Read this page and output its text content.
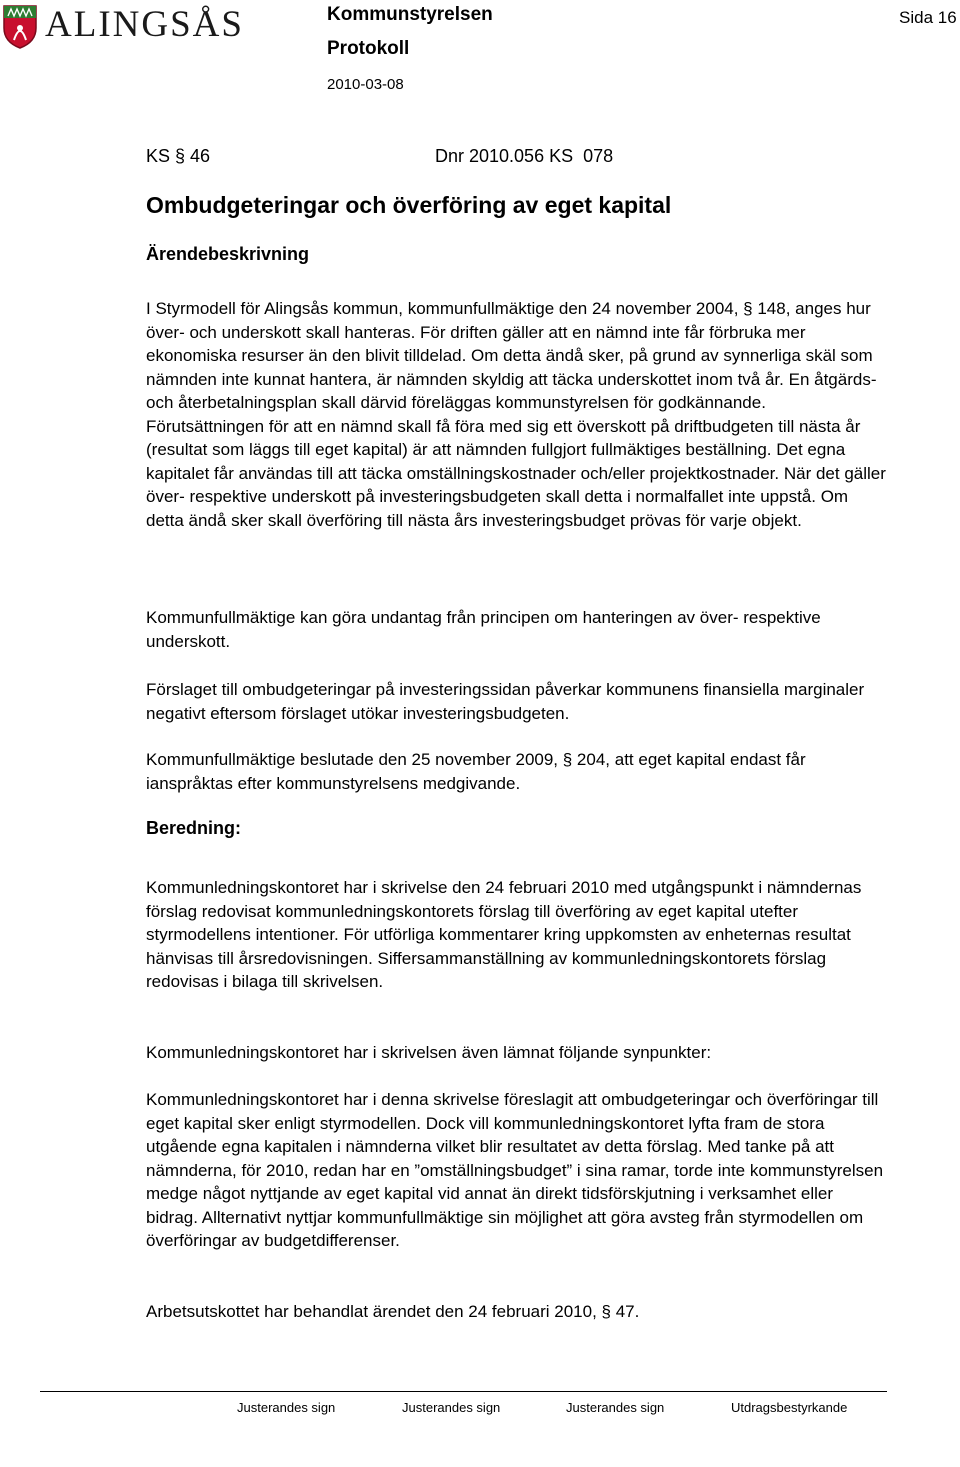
ALINGSÅS	Kommunstyrelsen
Protokoll
2010-03-08
Sida 16
KS § 46	Dnr 2010.056 KS  078
Ombudgeteringar och överföring av eget kapital
Ärendebeskrivning

I Styrmodell för Alingsås kommun, kommunfullmäktige den 24 november 2004, § 148, anges hur över- och underskott skall hanteras. För driften gäller att en nämnd inte får förbruka mer ekonomiska resurser än den blivit tilldelad. Om detta ändå sker, på grund av synnerliga skäl som nämnden inte kunnat hantera, är nämnden skyldig att täcka underskottet inom två år. En åtgärds- och återbetalningsplan skall därvid föreläggas kommunstyrelsen för godkännande. Förutsättningen för att en nämnd skall få föra med sig ett överskott på driftbudgeten till nästa år (resultat som läggs till eget kapital) är att nämnden fullgjort fullmäktiges beställning. Det egna kapitalet får användas till att täcka omställningskostnader och/eller projektkostnader. När det gäller över- respektive underskott på investeringsbudgeten skall detta i normalfallet inte uppstå. Om detta ändå sker skall överföring till nästa års investeringsbudget prövas för varje objekt.

Kommunfullmäktige kan göra undantag från principen om hanteringen av över- respektive underskott.

Förslaget till ombudgeteringar på investeringssidan påverkar kommunens finansiella marginaler negativt eftersom förslaget utökar investeringsbudgeten.

Kommunfullmäktige beslutade den 25 november 2009, § 204, att eget kapital endast får ianspråktas efter kommunstyrelsens medgivande.

Beredning:

Kommunledningskontoret har i skrivelse den 24 februari 2010 med utgångspunkt i nämndernas förslag redovisat kommunledningskontorets förslag till överföring av eget kapital utefter styrmodellens intentioner. För utförliga kommentarer kring uppkomsten av enheternas resultat hänvisas till årsredovisningen. Siffersammanställning av kommunledningskontorets förslag redovisas i bilaga till skrivelsen.

Kommunledningskontoret har i skrivelsen även lämnat följande synpunkter:

Kommunledningskontoret har i denna skrivelse föreslagit att ombudgeteringar och överföringar till eget kapital sker enligt styrmodellen. Dock vill kommunledningskontoret lyfta fram de stora utgående egna kapitalen i nämnderna vilket blir resultatet av detta förslag. Med tanke på att nämnderna, för 2010, redan har en ”omställningsbudget” i sina ramar, torde inte kommunstyrelsen medge något nyttjande av eget kapital vid annat än direkt tidsförskjutning i verksamhet eller bidrag. Allternativt nyttjar kommunfullmäktige sin möjlighet att göra avsteg från styrmodellen om överföringar av budgetdifferenser.

Arbetsutskottet har behandlat ärendet den 24 februari 2010, § 47.

Justerandes sign	Justerandes sign	Justerandes sign	Utdragsbestyrkande
